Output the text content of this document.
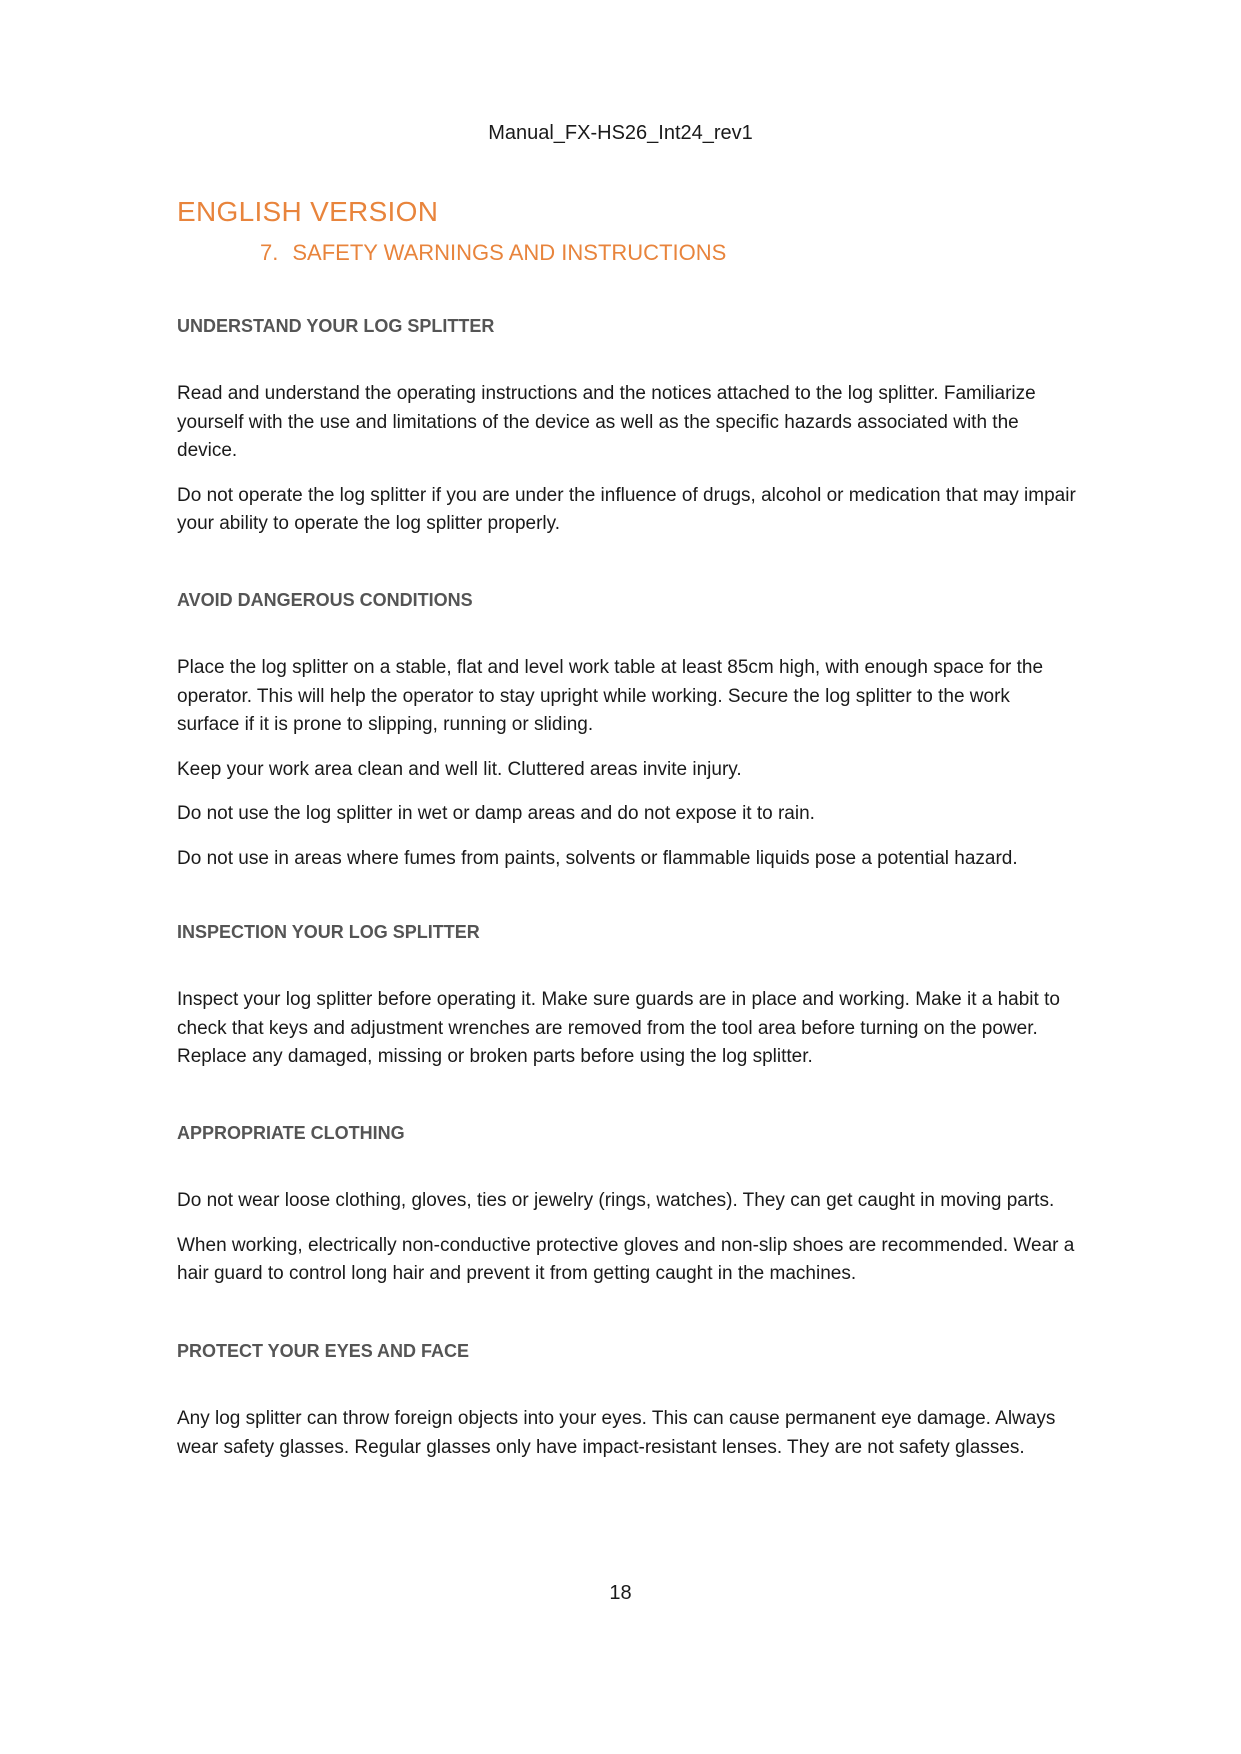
Manual_FX-HS26_Int24_rev1
ENGLISH VERSION
7. SAFETY WARNINGS AND INSTRUCTIONS
UNDERSTAND YOUR LOG SPLITTER

Read and understand the operating instructions and the notices attached to the log splitter. Familiarize yourself with the use and limitations of the device as well as the specific hazards associated with the device.

Do not operate the log splitter if you are under the influence of drugs, alcohol or medication that may impair your ability to operate the log splitter properly.

AVOID DANGEROUS CONDITIONS

Place the log splitter on a stable, flat and level work table at least 85cm high, with enough space for the operator. This will help the operator to stay upright while working. Secure the log splitter to the work surface if it is prone to slipping, running or sliding.

Keep your work area clean and well lit. Cluttered areas invite injury.

Do not use the log splitter in wet or damp areas and do not expose it to rain.

Do not use in areas where fumes from paints, solvents or flammable liquids pose a potential hazard.

INSPECTION YOUR LOG SPLITTER

Inspect your log splitter before operating it. Make sure guards are in place and working. Make it a habit to check that keys and adjustment wrenches are removed from the tool area before turning on the power. Replace any damaged, missing or broken parts before using the log splitter.

APPROPRIATE CLOTHING

Do not wear loose clothing, gloves, ties or jewelry (rings, watches). They can get caught in moving parts.

When working, electrically non-conductive protective gloves and non-slip shoes are recommended. Wear a hair guard to control long hair and prevent it from getting caught in the machines.

PROTECT YOUR EYES AND FACE

Any log splitter can throw foreign objects into your eyes. This can cause permanent eye damage. Always wear safety glasses. Regular glasses only have impact-resistant lenses. They are not safety glasses.

18
